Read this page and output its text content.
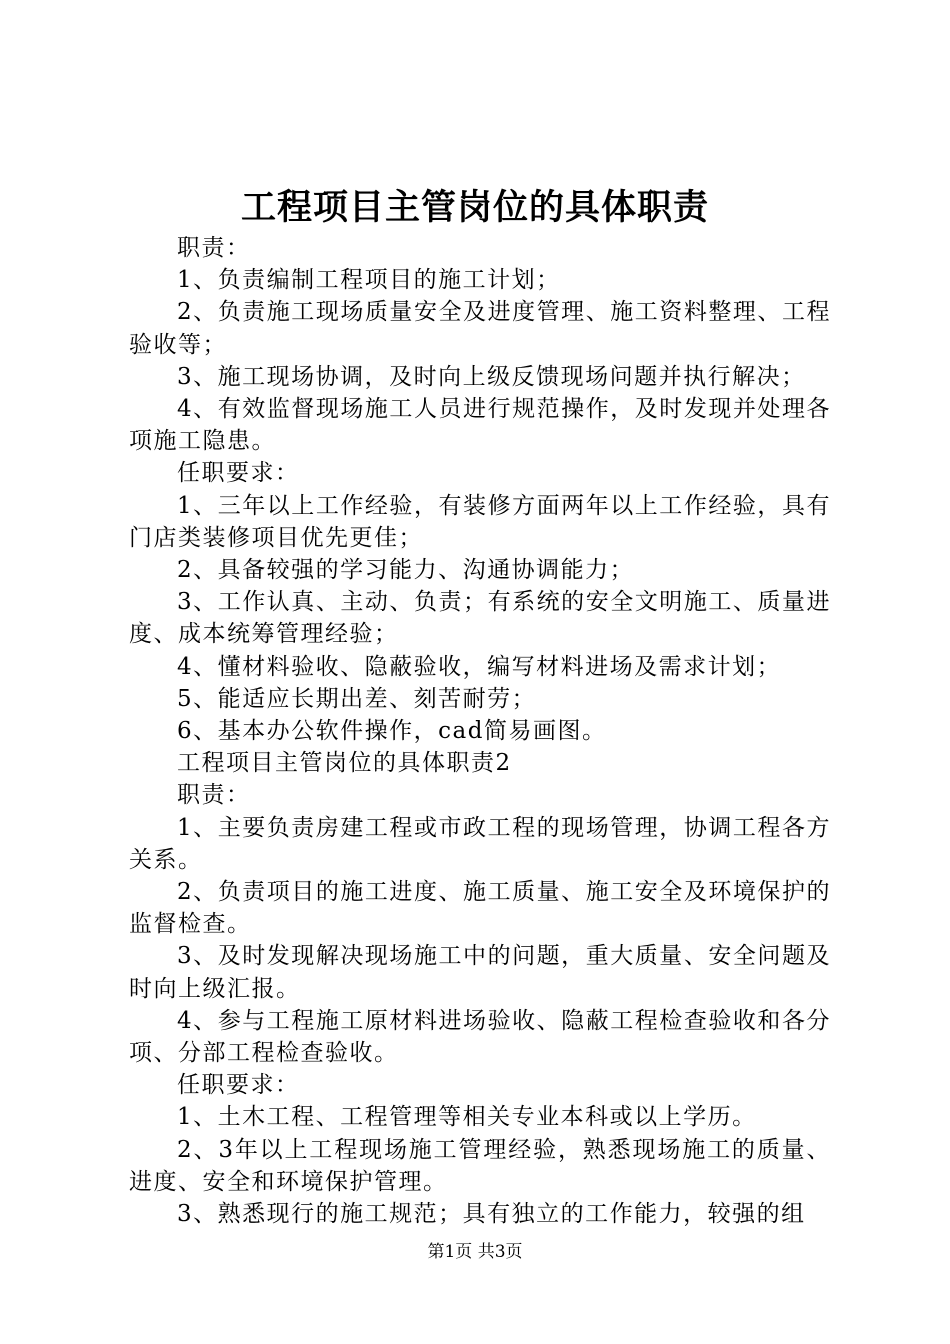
工程项目主管岗位的具体职责

职责：

1、负责编制工程项目的施工计划；

2、负责施工现场质量安全及进度管理、施工资料整理、工程验收等；

3、施工现场协调，及时向上级反馈现场问题并执行解决；

4、有效监督现场施工人员进行规范操作，及时发现并处理各项施工隐患。

任职要求：

1、三年以上工作经验，有装修方面两年以上工作经验，具有门店类装修项目优先更佳；

2、具备较强的学习能力、沟通协调能力；

3、工作认真、主动、负责；有系统的安全文明施工、质量进度、成本统筹管理经验；

4、懂材料验收、隐蔽验收，编写材料进场及需求计划；

5、能适应长期出差、刻苦耐劳；

6、基本办公软件操作，cad简易画图。

工程项目主管岗位的具体职责2

职责：

1、主要负责房建工程或市政工程的现场管理，协调工程各方关系。

2、负责项目的施工进度、施工质量、施工安全及环境保护的监督检查。

3、及时发现解决现场施工中的问题，重大质量、安全问题及时向上级汇报。

4、参与工程施工原材料进场验收、隐蔽工程检查验收和各分项、分部工程检查验收。

任职要求：

1、土木工程、工程管理等相关专业本科或以上学历。

2、3年以上工程现场施工管理经验，熟悉现场施工的质量、进度、安全和环境保护管理。

3、熟悉现行的施工规范；具有独立的工作能力，较强的组

第1页 共3页
